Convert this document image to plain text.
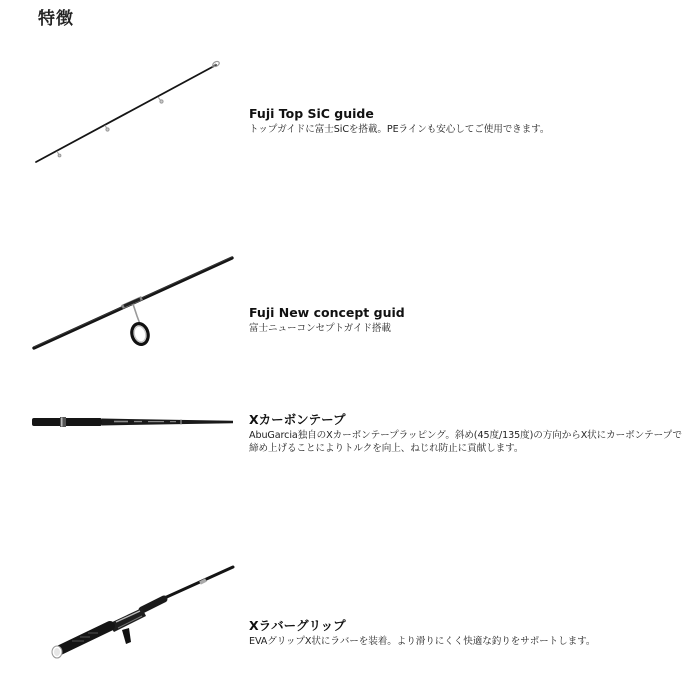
特徴
Fuji Top SiC guide
トップガイドに富士SiCを搭載。PEラインも安心してご使用できます。
Fuji New concept guid
富士ニューコンセプトガイド搭載
Xカーボンテープ
AbuGarcia独自のXカーボンテープラッピング。斜め(45度/135度)の方向からX状にカーボンテープで締め上げることによりトルクを向上、ねじれ防止に貢献します。
Xラバーグリップ
EVAグリップX状にラバーを装着。より滑りにくく快適な釣りをサポートします。
